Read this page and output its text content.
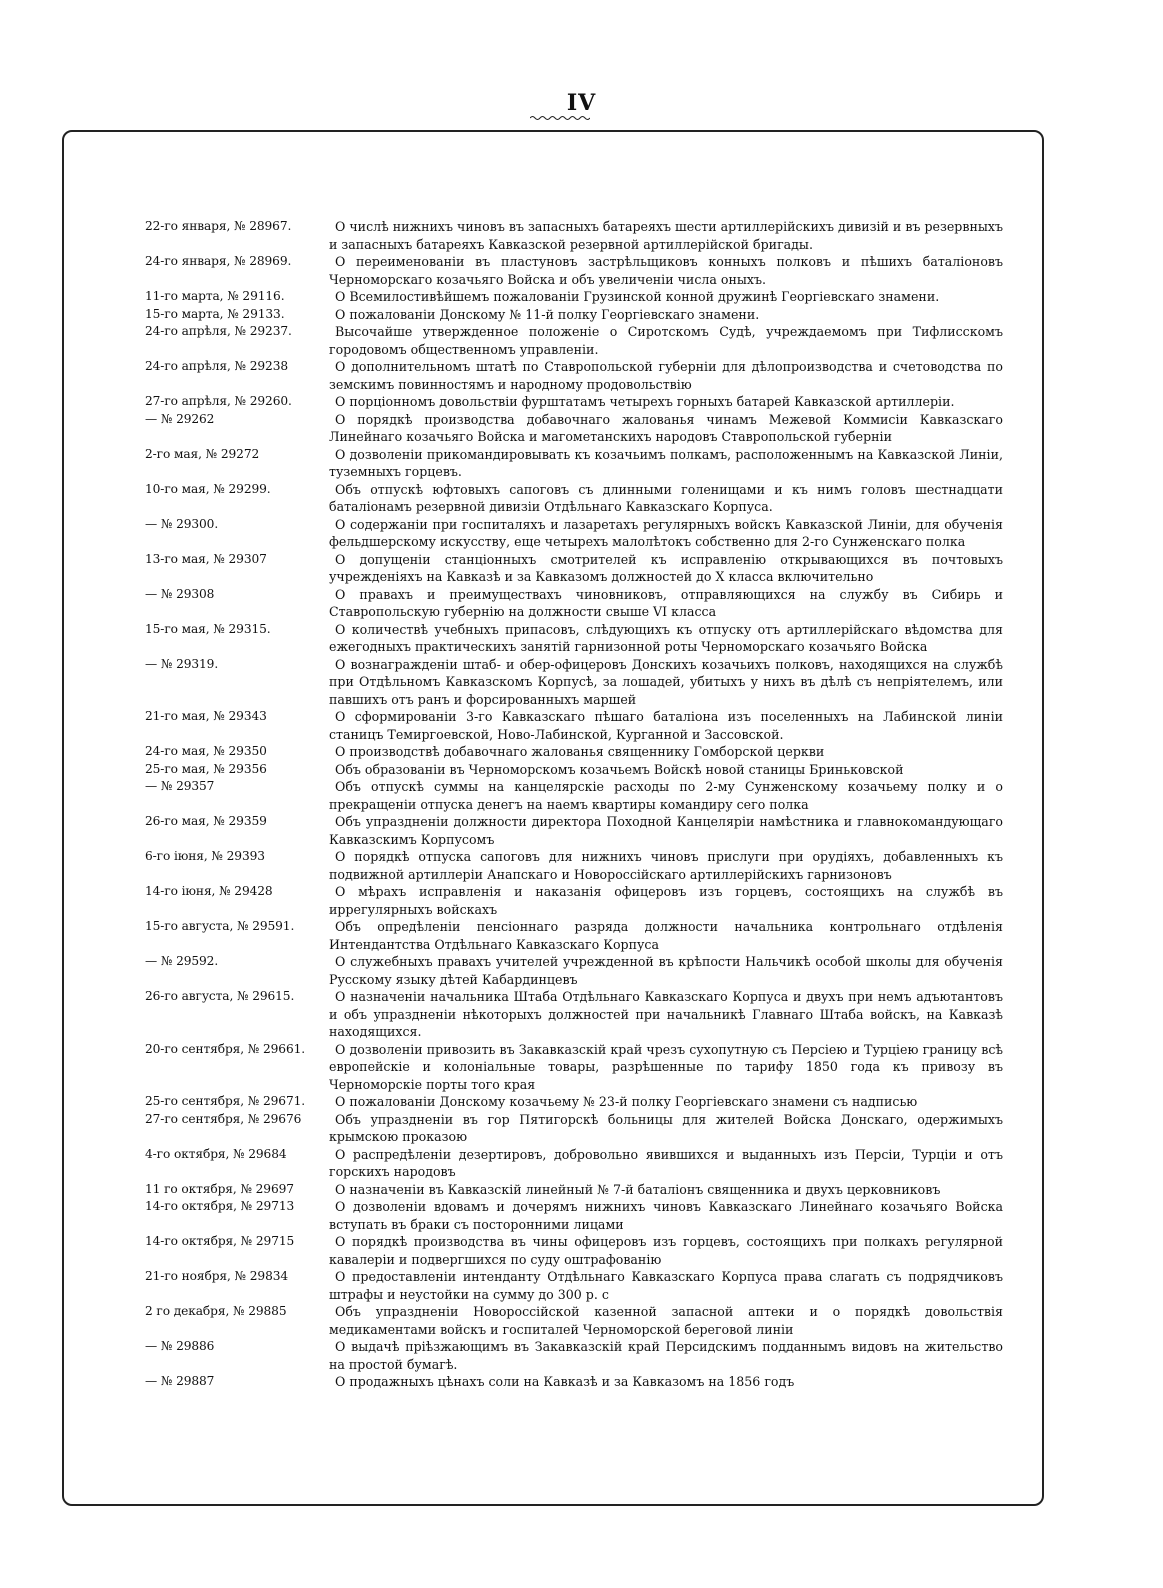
IV
22-го января, № 28967.	О числѣ нижнихъ чиновъ въ запасныхъ батареяхъ шести артиллерійскихъ дивизій и въ резервныхъ и запасныхъ батареяхъ Кавказской резервной артиллерійской бригады.
24-го января, № 28969.	О переименованіи въ пластуновъ застрѣльщиковъ конныхъ полковъ и пѣшихъ баталіоновъ Черноморскаго козачьяго Войска и объ увеличеніи числа оныхъ.
11-го марта, № 29116.	О Всемилостивѣйшемъ пожалованіи Грузинской конной дружинѣ Георгіевскаго знамени.
15-го марта, № 29133.	О пожалованіи Донскому № 11-й полку Георгіевскаго знамени.
24-го апрѣля, № 29237.	Высочайше утвержденное положеніе о Сиротскомъ Судѣ, учреждаемомъ при Тифлисскомъ городовомъ общественномъ управленіи.
24-го апрѣля, № 29238	О дополнительномъ штатѣ по Ставропольской губерніи для дѣлопроизводства и счетоводства по земскимъ повинностямъ и народному продовольствію
27-го апрѣля, № 29260.	О порціонномъ довольствіи фурштатамъ четырехъ горныхъ батарей Кавказской артиллеріи.
— № 29262	О порядкѣ производства добавочнаго жалованья чинамъ Межевой Коммисіи Кавказскаго Линейнаго козачьяго Войска и магометанскихъ народовъ Ставропольской губерніи
2-го мая, № 29272	О дозволеніи прикомандировывать къ козачьимъ полкамъ, расположеннымъ на Кавказской Линіи, туземныхъ горцевъ.
10-го мая, № 29299.	Объ отпускѣ юфтовыхъ сапоговъ съ длинными голенищами и къ нимъ головъ шестнадцати баталіонамъ резервной дивизіи Отдѣльнаго Кавказскаго Корпуса.
— № 29300.	О содержаніи при госпиталяхъ и лазаретахъ регулярныхъ войскъ Кавказской Линіи, для обученія фельдшерскому искусству, еще четырехъ малолѣтокъ собственно для 2-го Сунженскаго полка
13-го мая, № 29307	О допущеніи станціонныхъ смотрителей къ исправленію открывающихся въ почтовыхъ учрежденіяхъ на Кавказѣ и за Кавказомъ должностей до X класса включительно
— № 29308	О правахъ и преимуществахъ чиновниковъ, отправляющихся на службу въ Сибирь и Ставропольскую губернію на должности свыше VI класса
15-го мая, № 29315.	О количествѣ учебныхъ припасовъ, слѣдующихъ къ отпуску отъ артиллерійскаго вѣдомства для ежегодныхъ практическихъ занятій гарнизонной роты Черноморскаго козачьяго Войска
— № 29319.	О вознагражденіи штаб- и обер-офицеровъ Донскихъ козачьихъ полковъ, находящихся на службѣ при Отдѣльномъ Кавказскомъ Корпусѣ, за лошадей, убитыхъ у нихъ въ дѣлѣ съ непріятелемъ, или павшихъ отъ ранъ и форсированныхъ маршей
21-го мая, № 29343	О сформированіи 3-го Кавказскаго пѣшаго баталіона изъ поселенныхъ на Лабинской линіи станицъ Темиргоевской, Ново-Лабинской, Курганной и Зассовской.
24-го мая, № 29350	О производствѣ добавочнаго жалованья священнику Гомборской церкви
25-го мая, № 29356	Объ образованіи въ Черноморскомъ козачьемъ Войскѣ новой станицы Бриньковской
— № 29357	Объ отпускѣ суммы на канцелярскіе расходы по 2-му Сунженскому козачьему полку и о прекращеніи отпуска денегъ на наемъ квартиры командиру сего полка
26-го мая, № 29359	Объ упраздненіи должности директора Походной Канцеляріи намѣстника и главнокомандующаго Кавказскимъ Корпусомъ
6-го іюня, № 29393	О порядкѣ отпуска сапоговъ для нижнихъ чиновъ прислуги при орудіяхъ, добавленныхъ къ подвижной артиллеріи Анапскаго и Новороссійскаго артиллерійскихъ гарнизоновъ
14-го іюня, № 29428	О мѣрахъ исправленія и наказанія офицеровъ изъ горцевъ, состоящихъ на службѣ въ иррегулярныхъ войскахъ
15-го августа, № 29591.	Объ опредѣленіи пенсіоннаго разряда должности начальника контрольнаго отдѣленія Интендантства Отдѣльнаго Кавказскаго Корпуса
— № 29592.	О служебныхъ правахъ учителей учрежденной въ крѣпости Нальчикѣ особой школы для обученія Русскому языку дѣтей Кабардинцевъ
26-го августа, № 29615.	О назначеніи начальника Штаба Отдѣльнаго Кавказскаго Корпуса и двухъ при немъ адъютантовъ и объ упраздненіи нѣкоторыхъ должностей при начальникѣ Главнаго Штаба войскъ, на Кавказѣ находящихся.
20-го сентября, № 29661.	О дозволеніи привозить въ Закавказскій край чрезъ сухопутную съ Персіею и Турціею границу всѣ европейскіе и колоніальные товары, разрѣшенные по тарифу 1850 года къ привозу въ Черноморскіе порты того края
25-го сентября, № 29671.	О пожалованіи Донскому козачьему № 23-й полку Георгіевскаго знамени съ надписью
27-го сентября, № 29676	Объ упраздненіи въ гор Пятигорскѣ больницы для жителей Войска Донскаго, одержимыхъ крымскою проказою
4-го октября, № 29684	О распредѣленіи дезертировъ, добровольно явившихся и выданныхъ изъ Персіи, Турціи и отъ горскихъ народовъ
11 го октября, № 29697	О назначеніи въ Кавказскій линейный № 7-й баталіонъ священника и двухъ церковниковъ
14-го октября, № 29713	О дозволеніи вдовамъ и дочерямъ нижнихъ чиновъ Кавказскаго Линейнаго козачьяго Войска вступать въ браки съ посторонними лицами
14-го октября, № 29715	О порядкѣ производства въ чины офицеровъ изъ горцевъ, состоящихъ при полкахъ регулярной кавалеріи и подвергшихся по суду оштрафованію
21-го ноября, № 29834	О предоставленіи интенданту Отдѣльнаго Кавказскаго Корпуса права слагать съ подрядчиковъ штрафы и неустойки на сумму до 300 р. с
2 го декабря, № 29885	Объ упраздненіи Новороссійской казенной запасной аптеки и о порядкѣ довольствія медикаментами войскъ и госпиталей Черноморской береговой линіи
— № 29886	О выдачѣ пріѣзжающимъ въ Закавказскій край Персидскимъ подданнымъ видовъ на жительство на простой бумагѣ.
— № 29887	О продажныхъ цѣнахъ соли на Кавказѣ и за Кавказомъ на 1856 годъ
